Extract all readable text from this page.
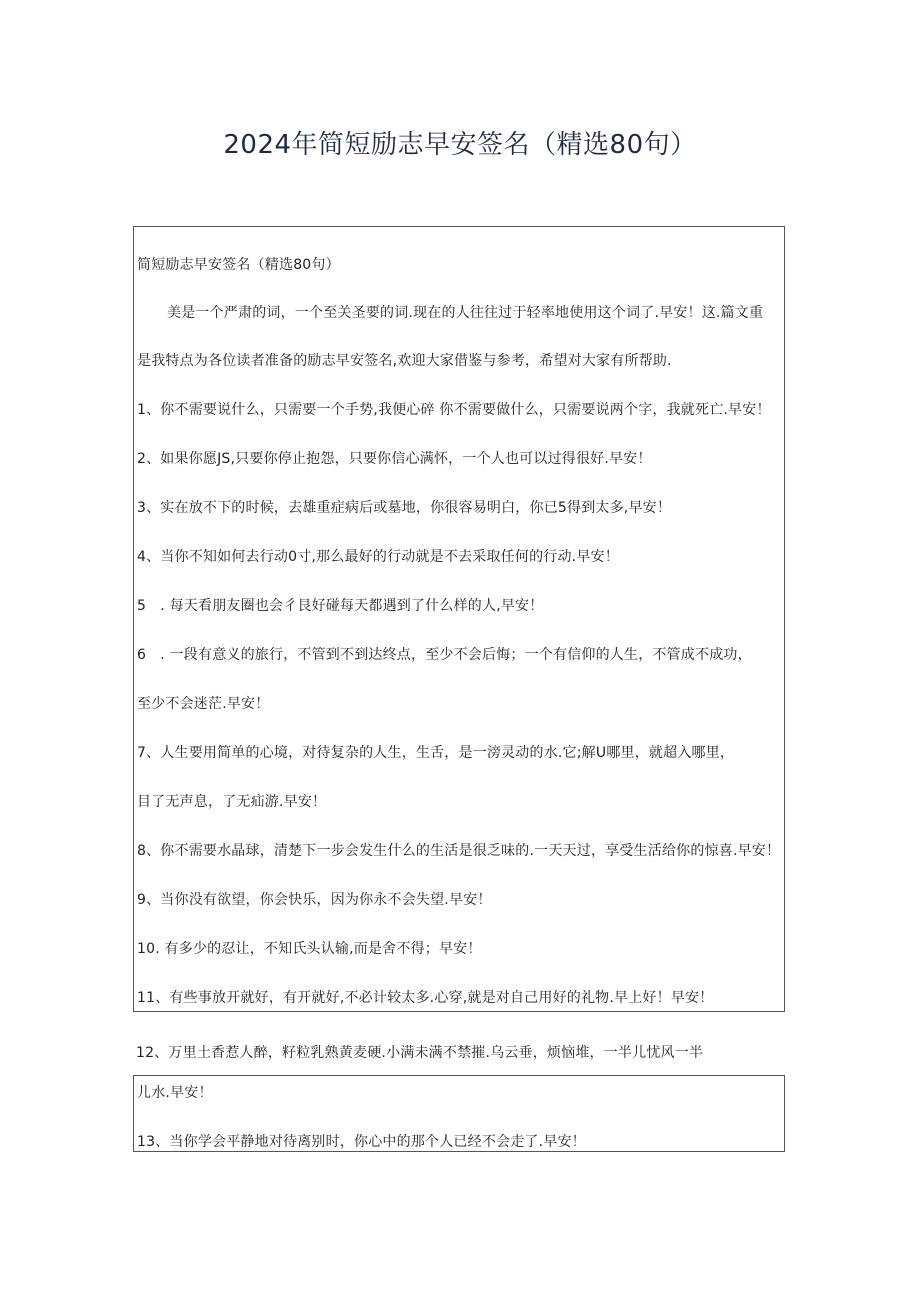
2024年简短励志早安签名（精选80句）
简短励志早安签名（精选80句）
美是一个严肃的词，一个至关圣要的词.现在的人往往过于轻率地使用这个词了.早安！这.篇文重
是我特点为各位读者准备的励志早安签名,欢迎大家借鉴与参考，希望对大家有所帮助.
1、你不需要说什么，只需要一个手势,我便心碎 你不需要做什么，只需要说两个字，我就死亡.早安！
2、如果你愿JS,只要你停止抱怨，只要你信心满怀，一个人也可以过得很好.早安！
3、实在放不下的时候，去雄重症病后或墓地，你很容易明白，你已5得到太多,早安！
4、当你不知如何去行动0寸,那么最好的行动就是不去采取任何的行动.早安！
5　. 每天看朋友圈也会彳艮好碰每天都遇到了什么样的人,早安！
6　. 一段有意义的旅行，不管到不到达终点，至少不会后悔；一个有信仰的人生，不管成不成功，
至少不会迷茫.早安！
7、人生要用简单的心境，对待复杂的人生，生舌，是一滂灵动的水.它;解U哪里，就超入哪里，
目了无声息，了无疝游.早安！
8、你不需要水晶球，清楚下一步会发生什么的生活是很乏味的.一天天过，享受生活给你的惊喜.早安！
9、当你没有欲望，你会快乐，因为你永不会失望.早安！
10. 有多少的忍让，不知氏头认输,而是舍不得；早安！
11、有些事放开就好，有开就好,不必计较太多.心穿,就是对自己用好的礼物.早上好！早安！
12、万里土香惹人醉，籽粒乳熟黄麦硬.小满未满不禁摧.乌云垂，烦恼堆，一半儿忧风一半
儿水.早安！
13、当你学会平静地对待离别时，你心中的那个人已经不会走了.早安！
